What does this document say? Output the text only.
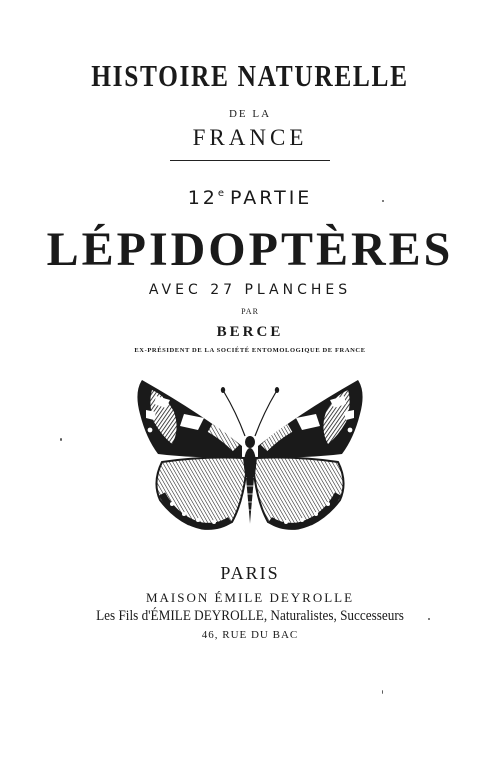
HISTOIRE NATURELLE

DE LA

FRANCE

12e PARTIE

LÉPIDOPTÈRES

AVEC 27 PLANCHES

PAR

BERCE

EX-PRÉSIDENT DE LA SOCIÉTÉ ENTOMOLOGIQUE DE FRANCE

PARIS

MAISON ÉMILE DEYROLLE

Les Fils d'ÉMILE DEYROLLE, Naturalistes, Successeurs

46, RUE DU BAC
